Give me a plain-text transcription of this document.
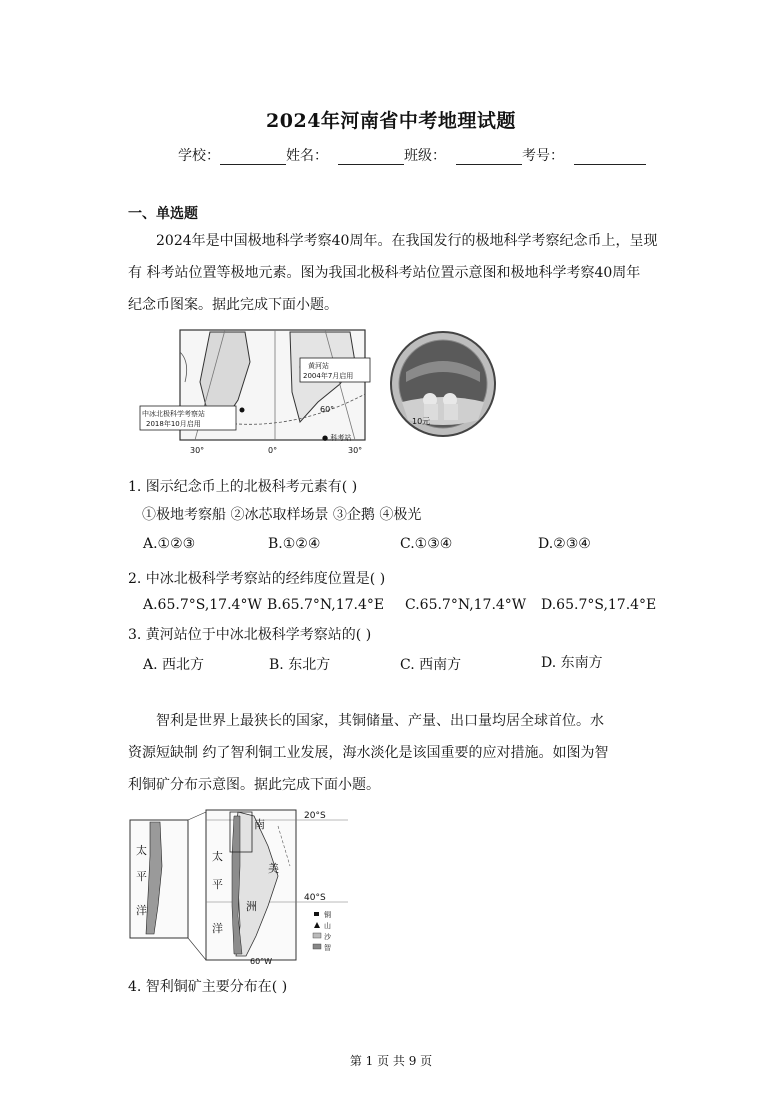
2024年河南省中考地理试题
学校：	姓名：	班级：	考号：
一、单选题
2024年是中国极地科学考察40周年。在我国发行的极地科学考察纪念币上，呈现
有 科考站位置等极地元素。图为我国北极科考站位置示意图和极地科学考察40周年
纪念币图案。据此完成下面小题。
黄河站
2004年7月启用
中冰北极科学考察站
2018年10月启用
60°
30°	0°	30°
● 科考站
10元
1. 图示纪念币上的北极科考元素有( )
①极地考察船 ②冰芯取样场景 ③企鹅 ④极光
A.①②③	B.①②④	C.①③④	D.②③④
2. 中冰北极科学考察站的经纬度位置是( )
A.65.7°S,17.4°W B.65.7°N,17.4°E C.65.7°N,17.4°W D.65.7°S,17.4°E
3. 黄河站位于中冰北极科学考察站的( )
A. 西北方	B. 东北方	C. 西南方	D. 东南方
智利是世界上最狭长的国家，其铜储量、产量、出口量均居全球首位。水
资源短缺制 约了智利铜工业发展，海水淡化是该国重要的应对措施。如图为智
利铜矿分布示意图。据此完成下面小题。
太
平
洋
太
平
洋
南
美
洲
20°S
40°S
60°W
铜
山
沙
智
4. 智利铜矿主要分布在( )
第 1 页 共 9 页
